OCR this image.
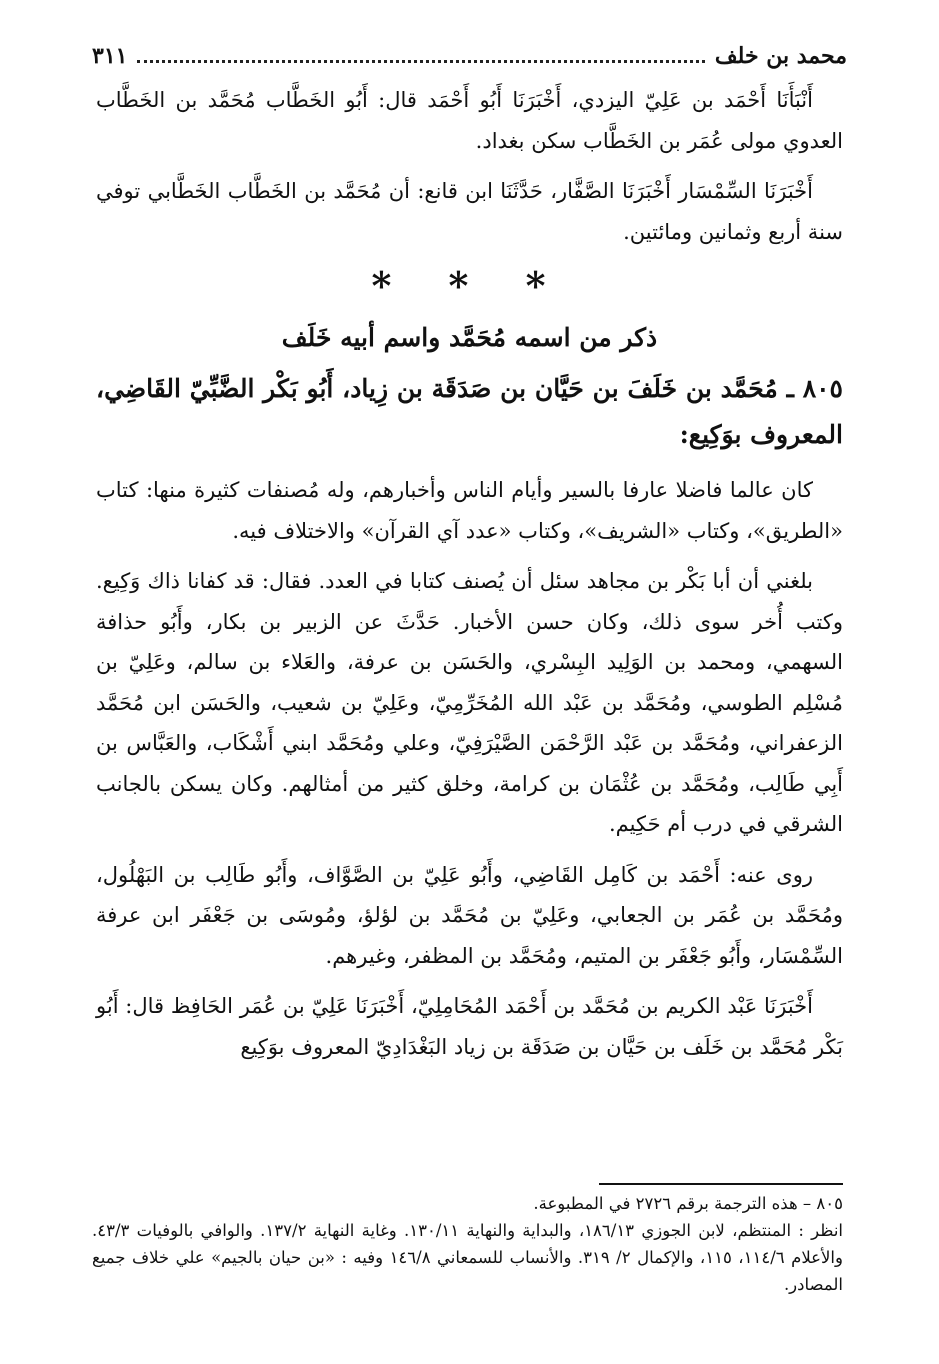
محمد بن خلف
٣١١

أَنْبَأَنَا أَحْمَد بن عَلِيّ اليزدي، أَخْبَرَنَا أَبُو أَحْمَد قال: أَبُو الخَطَّاب مُحَمَّد بن الخَطَّاب العدوي مولى عُمَر بن الخَطَّاب سكن بغداد.

أَخْبَرَنَا السِّمْسَار أَخْبَرَنَا الصَّفَّار، حَدَّثَنَا ابن قانع: أن مُحَمَّد بن الخَطَّاب الخَطَّابي توفي سنة أربع وثمانين ومائتين.

* * *
ذكر من اسمه مُحَمَّد واسم أبيه خَلَف
٨٠٥ ـ مُحَمَّد بن خَلَفَ بن حَيَّان بن صَدَقَة بن زِياد، أَبُو بَكْر الضَّبِّيّ القَاضِي، المعروف بوَكِيع:

كان عالما فاضلا عارفا بالسير وأيام الناس وأخبارهم، وله مُصنفات كثيرة منها: كتاب «الطريق»، وكتاب «الشريف»، وكتاب «عدد آي القرآن» والاختلاف فيه.

بلغني أن أبا بَكْر بن مجاهد سئل أن يُصنف كتابا في العدد. فقال: قد كفانا ذاك وَكِيع. وكتب أُخر سوى ذلك، وكان حسن الأخبار. حَدَّثَ عن الزبير بن بكار، وأَبُو حذافة السهمي، ومحمد بن الوَلِيد البِسْري، والحَسَن بن عرفة، والعَلاء بن سالم، وعَلِيّ بن مُسْلِم الطوسي، ومُحَمَّد بن عَبْد الله المُخَرِّمِيّ، وعَلِيّ بن شعيب، والحَسَن ابن مُحَمَّد الزعفراني، ومُحَمَّد بن عَبْد الرَّحْمَن الصَّيْرَفِيّ، وعلي ومُحَمَّد ابني أَشْكَاب، والعَبَّاس بن أَبِي طَالِب، ومُحَمَّد بن عُثْمَان بن كرامة، وخلق كثير من أمثالهم. وكان يسكن بالجانب الشرقي في درب أم حَكِيم.

روى عنه: أَحْمَد بن كَامِل القَاضِي، وأَبُو عَلِيّ بن الصَّوَّاف، وأَبُو طَالِب بن البَهْلُول، ومُحَمَّد بن عُمَر بن الجعابي، وعَلِيّ بن مُحَمَّد بن لؤلؤ، ومُوسَى بن جَعْفَر ابن عرفة السِّمْسَار، وأَبُو جَعْفَر بن المتيم، ومُحَمَّد بن المظفر، وغيرهم.

أَخْبَرَنَا عَبْد الكريم بن مُحَمَّد بن أَحْمَد المُحَامِلِيّ، أَخْبَرَنَا عَلِيّ بن عُمَر الحَافِظ قال: أَبُو بَكْر مُحَمَّد بن خَلَف بن حَيَّان بن صَدَقَة بن زياد البَغْدَادِيّ المعروف بوَكِيع

٨٠٥ – هذه الترجمة برقم ٢٧٢٦ في المطبوعة.

انظر : المنتظم، لابن الجوزي ١٨٦/١٣، والبداية والنهاية ١٣٠/١١. وغاية النهاية ١٣٧/٢. والوافي بالوفيات ٤٣/٣. والأعلام ١١٤/٦، ١١٥، والإكمال ٢/ ٣١٩. والأنساب للسمعاني ١٤٦/٨ وفيه : «بن حيان بالجيم» علي خلاف جميع المصادر.
